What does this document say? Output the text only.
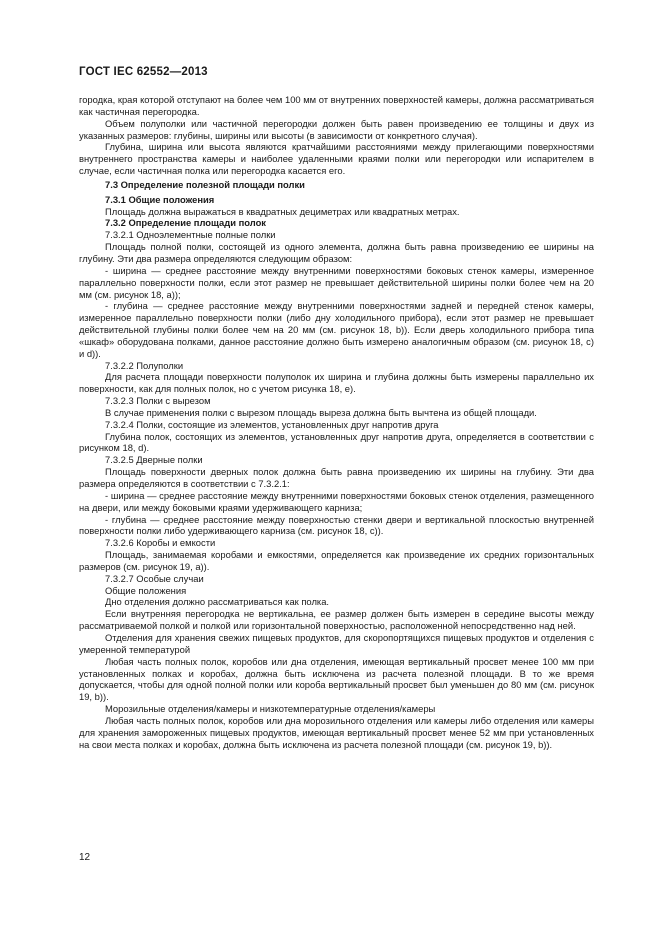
ГОСТ IEC 62552—2013

городка, края которой отступают на более чем 100 мм от внутренних поверхностей камеры, должна рассматриваться как частичная перегородка.

Объем полуполки или частичной перегородки должен быть равен произведению ее толщины и двух из указанных размеров: глубины, ширины или высоты (в зависимости от конкретного случая).

Глубина, ширина или высота являются кратчайшими расстояниями между прилегающими поверхностями внутреннего пространства камеры и наиболее удаленными краями полки или перегородки или испарителем в случае, если частичная полка или перегородка касается его.

7.3 Определение полезной площади полки

7.3.1 Общие положения

Площадь должна выражаться в квадратных дециметрах или квадратных метрах.

7.3.2 Определение площади полок

7.3.2.1 Одноэлементные полные полки

Площадь полной полки, состоящей из одного элемента, должна быть равна произведению ее ширины на глубину. Эти два размера определяются следующим образом:

- ширина — среднее расстояние между внутренними поверхностями боковых стенок камеры, измеренное параллельно поверхности полки, если этот размер не превышает действительной ширины полки более чем на 20 мм (см. рисунок 18, a));

- глубина — среднее расстояние между внутренними поверхностями задней и передней стенок камеры, измеренное параллельно поверхности полки (либо дну холодильного прибора), если этот размер не превышает действительной глубины полки более чем на 20 мм (см. рисунок 18, b)). Если дверь холодильного прибора типа «шкаф» оборудована полками, данное расстояние должно быть измерено аналогичным образом (см. рисунок 18, c) и d)).

7.3.2.2 Полуполки

Для расчета площади поверхности полуполок их ширина и глубина должны быть измерены параллельно их поверхности, как для полных полок, но с учетом рисунка 18, e).

7.3.2.3 Полки с вырезом

В случае применения полки с вырезом площадь выреза должна быть вычтена из общей площади.

7.3.2.4 Полки, состоящие из элементов, установленных друг напротив друга

Глубина полок, состоящих из элементов, установленных друг напротив друга, определяется в соответствии с рисунком 18, d).

7.3.2.5 Дверные полки

Площадь поверхности дверных полок должна быть равна произведению их ширины на глубину. Эти два размера определяются в соответствии с 7.3.2.1:

- ширина — среднее расстояние между внутренними поверхностями боковых стенок отделения, размещенного на двери, или между боковыми краями удерживающего карниза;

- глубина — среднее расстояние между поверхностью стенки двери и вертикальной плоскостью внутренней поверхности полки либо удерживающего карниза (см. рисунок 18, c)).

7.3.2.6 Коробы и емкости

Площадь, занимаемая коробами и емкостями, определяется как произведение их средних горизонтальных размеров (см. рисунок 19, a)).

7.3.2.7 Особые случаи

Общие положения

Дно отделения должно рассматриваться как полка.

Если внутренняя перегородка не вертикальна, ее размер должен быть измерен в середине высоты между рассматриваемой полкой и полкой или горизонтальной поверхностью, расположенной непосредственно над ней.

Отделения для хранения свежих пищевых продуктов, для скоропортящихся пищевых продуктов и отделения с умеренной температурой

Любая часть полных полок, коробов или дна отделения, имеющая вертикальный просвет менее 100 мм при установленных полках и коробах, должна быть исключена из расчета полезной площади. В то же время допускается, чтобы для одной полной полки или короба вертикальный просвет был уменьшен до 80 мм (см. рисунок 19, b)).

Морозильные отделения/камеры и низкотемпературные отделения/камеры

Любая часть полных полок, коробов или дна морозильного отделения или камеры либо отделения или камеры для хранения замороженных пищевых продуктов, имеющая вертикальный просвет менее 52 мм при установленных на свои места полках и коробах, должна быть исключена из расчета полезной площади (см. рисунок 19, b)).

12
